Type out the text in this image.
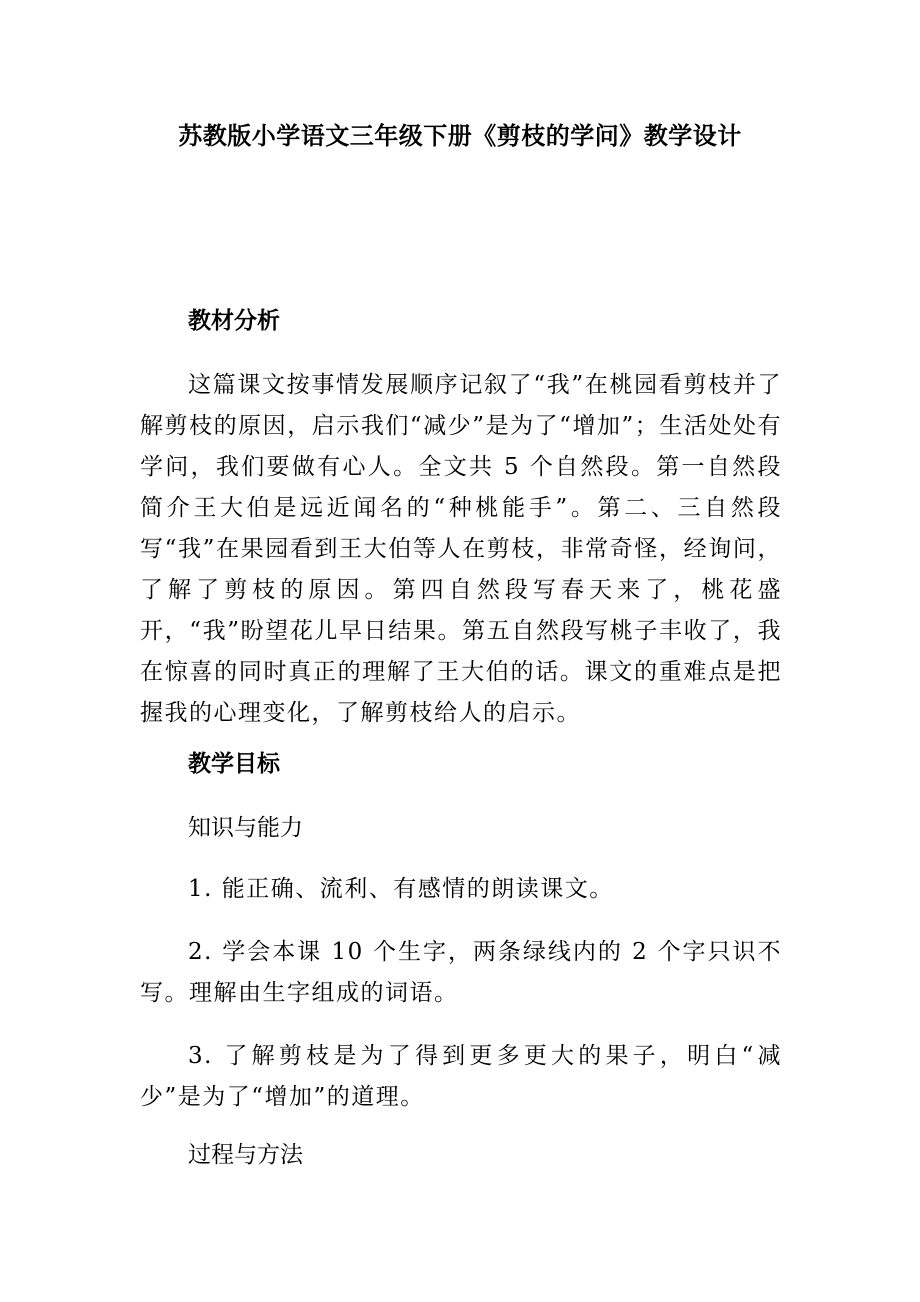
苏教版小学语文三年级下册《剪枝的学问》教学设计
教材分析
这篇课文按事情发展顺序记叙了“我”在桃园看剪枝并了解剪枝的原因，启示我们“减少”是为了“增加”；生活处处有学问，我们要做有心人。全文共 5 个自然段。第一自然段简介王大伯是远近闻名的“种桃能手”。第二、三自然段写“我”在果园看到王大伯等人在剪枝，非常奇怪，经询问，了解了剪枝的原因。第四自然段写春天来了，桃花盛开，“我”盼望花儿早日结果。第五自然段写桃子丰收了，我在惊喜的同时真正的理解了王大伯的话。课文的重难点是把握我的心理变化，了解剪枝给人的启示。
教学目标
知识与能力
1. 能正确、流利、有感情的朗读课文。
2. 学会本课 10 个生字，两条绿线内的 2 个字只识不写。理解由生字组成的词语。
3. 了解剪枝是为了得到更多更大的果子，明白“减少”是为了“增加”的道理。
过程与方法
